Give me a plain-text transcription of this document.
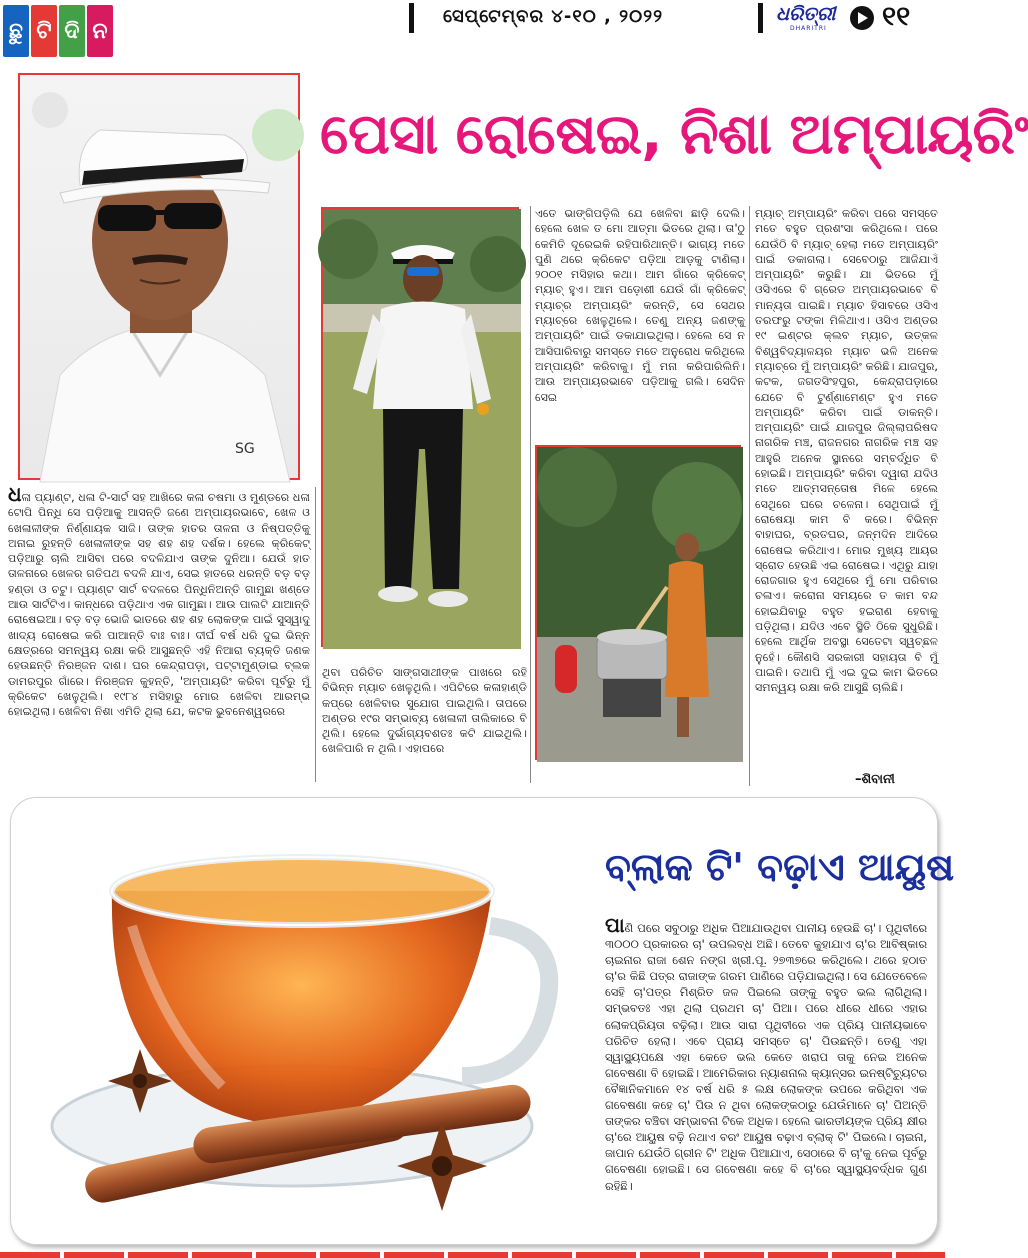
ଛୁ ଟି ଦି ନ
ସେପ୍ଟେମ୍ବର ୪-୧୦ , ୨୦୨୨	ଧରିତ୍ରୀ
DHARITRI ୧୧
ପେସା ରୋଷେଇ, ନିଶା ଅମ୍ପାୟରିଂ
SG
ଧଳା ପ୍ୟାଣ୍ଟ, ଧଳା ଟି-ସାର୍ଟ ସହ ଆଖିରେ କଳା ଚଷମା ଓ ମୁଣ୍ଡରେ ଧଳା ଟୋପି ପିନ୍ଧି ସେ ପଡ଼ିଆକୁ ଆସନ୍ତି ଜଣେ ଅମ୍ପାୟରଭାବେ, ଖେଳ ଓ ଖେଳାଳୀଙ୍କ ନିର୍ଣ୍ଣାୟକ ସାଜି। ତାଙ୍କ ହାତର ତାଳନା ଓ ନିଷ୍ପତ୍ତିକୁ ଅନାଇ ରୁହନ୍ତି ଖେଳାଳୀଙ୍କ ସହ ଶହ ଶହ ଦର୍ଶକ। ହେଲେ କ୍ରିକେଟ୍ ପଡ଼ିଆରୁ ଚାଲି ଆସିବା ପରେ ବଦଳିଯାଏ ତାଙ୍କ ଦୁନିଆ। ଯେଉଁ ହାତ ତାଳନାରେ ଖେଳର ଗତିପଥ ବଦଳି ଯାଏ, ସେଇ ହାତରେ ଧରନ୍ତି ବଡ଼ ବଡ଼ ହଣ୍ଡା ଓ ଚଟୁ। ପ୍ୟାଣ୍ଟ ସାର୍ଟ ବଦଳରେ ପିନ୍ଧିନିଅନ୍ତି ଗାମୁଛା ଖଣ୍ଡେ ଆଉ ସାର୍ଟଟିଏ। କାନ୍ଧରେ ପଡ଼ିଥାଏ ଏକ ଗାମୁଛା। ଆଉ ପାଲଟି ଯାଆନ୍ତି ରୋଷେଇଆ। ବଡ଼ ବଡ଼ ଭୋଜି ଭାତରେ ଶହ ଶହ ଲୋକଙ୍କ ପାଇଁ ସୁସ୍ୱାଦୁ ଖାଦ୍ୟ ରୋଷେଇ କରି ପାଆନ୍ତି ବାଃ ବାଃ। ଦୀର୍ଘ ବର୍ଷ ଧରି ଦୁଇ ଭିନ୍ନ କ୍ଷେତ୍ରରେ ସମନ୍ୱୟ ରକ୍ଷା କରି ଆସୁଛନ୍ତି ଏହି ନିଆରା ବ୍ୟକ୍ତି ଜଣକ ହେଉଛନ୍ତି ନିରଞ୍ଜନ ଦାଶ। ଘର କେନ୍ଦ୍ରାପଡ଼ା, ପଟ୍ଟାମୁଣ୍ଡାଇ ବ୍ଲକ ଡାମରପୁର ଗାଁରେ। ନିରଞ୍ଜନ କୁହନ୍ତି, 'ଅମ୍ପାୟରିଂ କରିବା ପୂର୍ବରୁ ମୁଁ କ୍ରିକେଟ ଖେଳୁଥିଲି। ୧୯୮୪ ମସିହାରୁ ମୋର ଖେଳିବା ଆରମ୍ଭ ହୋଇଥିଲା। ଖେଳିବା ନିଶା ଏମିତି ଥିଲା ଯେ, କଟକ ଭୁବନେଶ୍ୱରରେ
ଥିବା ପରିଚିତ ସାଙ୍ଗସାଥୀଙ୍କ ପାଖରେ ରହି ବିଭିନ୍ନ ମ୍ୟାଚ ଖେଳୁଥିଲି। ଏପିଟିରେ କଳାହାଣ୍ଡି କପ୍‌ରେ ଖେଳିବାର ସୁଯୋଗ ପାଇଥିଲି। ତାପରେ ଅଣ୍ଡର ୧୯ର ସମ୍ଭାବ୍ୟ ଖେଳାଳୀ ତାଲିକାରେ ବି ଥିଲି। ହେଲେ ଦୁର୍ଭାଗ୍ୟବଶତଃ କଟି ଯାଇଥିଲି। ଖେଳିପାରି ନ ଥିଲି। ଏହାପରେ
ଏତେ ଭାଙ୍ଗିପଡ଼ିଲି ଯେ ଖେଳିବା ଛାଡ଼ି ଦେଲି। ହେଲେ ଖେଳ ତ ମୋ ଆତ୍ମା ଭିତରେ ଥିଲା। ତା'ଠୁ କେମିତି ଦୂରେଇକି ରହିପାରିଥାନ୍ତି। ଭାଗ୍ୟ ମତେ ପୁଣି ଥରେ କ୍ରିକେଟ ପଡ଼ିଆ ଆଡ଼କୁ ଟାଣିଲା। ୨୦୦୧ ମସିହାର କଥା। ଆମ ଗାଁରେ କ୍ରିକେଟ୍ ମ୍ୟାଚ୍ ହୁଏ। ଆମ ପଡ଼ୋଶୀ ଯେଉଁ ଗାଁ କ୍ରିକେଟ୍ ମ୍ୟାଚ୍ର ଅମ୍ପାୟରିଂ କରନ୍ତି, ସେ ସେଥର ମ୍ୟାଚ୍‌ରେ ଖେଳୁଥିଲେ। ତେଣୁ ଅନ୍ୟ ଜଣଙ୍କୁ ଅମ୍ପାୟରିଂ ପାଇଁ ଡକାଯାଇଥିଲା। ହେଲେ ସେ ନ ଆସିପାରିବାରୁ ସମସ୍ତେ ମତେ ଅନୁରୋଧ କରିଥିଲେ ଅମ୍ପାୟରିଂ କରିବାକୁ। ମୁଁ ମନା କରିପାରିଲିନି। ଆଉ ଅମ୍ପାୟରଭାବେ ପଡ଼ିଆକୁ ଗଲି। ସେଦିନ ସେଇ
ମ୍ୟାଚ୍ ଅମ୍ପାୟରିଂ କରିବା ପରେ ସମସ୍ତେ ମତେ ବହୁତ ପ୍ରଶଂସା କରିଥିଲେ। ପରେ ଯେଉଁଠି ବି ମ୍ୟାଚ୍ ହେଲା ମତେ ଅମ୍ପାୟରିଂ ପାଇଁ ଡକାଗଲା। ସେବେଠାରୁ ଆଜିଯାଏଁ ଅମ୍ପାୟରିଂ କରୁଛି। ଯା ଭିତରେ ମୁଁ ଓସିଏରେ ବି ଗ୍ରେଡ ଅମ୍ପାୟରଭାବେ ବି ମାନ୍ୟତା ପାଇଛି। ମ୍ୟାଚ ହିସାବରେ ଓସିଏ ତରଫରୁ ଟଙ୍କା ମିଳିଥାଏ। ଓସିଏ ଅଣ୍ଡର ୧୯ ଇଣ୍ଟର କ୍ଲବ ମ୍ୟାଚ, ଉତ୍କଳ ବିଶ୍ୱବିଦ୍ୟାଳୟର ମ୍ୟାଚ ଭଳି ଅନେକ ମ୍ୟାଚ୍‌ରେ ମୁଁ ଅମ୍ପାୟରିଂ କରିଛି। ଯାଜପୁର, କଟକ, ଜଗତସିଂହପୁର, କେନ୍ଦ୍ରାପଡ଼ାରେ ଯେତେ ବି ଟୁର୍ଣ୍ଣାମେଣ୍ଟ ହୁଏ ମତେ ଅମ୍ପାୟରିଂ କରିବା ପାଇଁ ଡାକନ୍ତି। ଅମ୍ପାୟରିଂ ପାଇଁ ଯାଜପୁର ଜିଲ୍ଲାପରିଷଦ ନାଗରିକ ମଞ୍ଚ, ରାଜନଗର ନାଗରିକ ମଞ୍ଚ ସହ ଆହୁରି ଅନେକ ସ୍ଥାନରେ ସମ୍ବର୍ଦ୍ଧିତ ବି ହୋଇଛି। ଅମ୍ପାୟରିଂ କରିବା ଦ୍ୱାରା ଯଦିଓ ମତେ ଆତ୍ମସନ୍ତୋଷ ମିଳେ ହେଲେ ସେଥିରେ ଘରେ ଚଳେନା। ସେଥିପାଇଁ ମୁଁ ରୋଷେୟା କାମ ବି କରେ। ବିଭିନ୍ନ ବାହାଘର, ବ୍ରତଘର, ଜନ୍ମଦିନ ଆଦିରେ ରୋଷେଇ କରିଥାଏ। ମୋର ମୁଖ୍ୟ ଆୟର ସ୍ରୋତ ହେଉଛି ଏଇ ରୋଷେଇ। ଏଥିରୁ ଯାହା ରୋଜଗାର ହୁଏ ସେଥିରେ ମୁଁ ମୋ ପରିବାର ଚଳାଏ। କରୋନା ସମୟରେ ତ କାମ ବନ୍ଦ ହୋଇଯିବାରୁ ବହୁତ ହଇରାଣ ହେବାକୁ ପଡ଼ିଥିଲା। ଯଦିଓ ଏବେ ସ୍ଥିତି ଠିକେ ସୁଧୁରିଛି। ହେଲେ ଆର୍ଥିକ ଅବସ୍ଥା ସେତେଟା ସ୍ୱଚ୍ଛଳ ନୁହେଁ। କୌଣସି ସରକାରୀ ସହାୟତା ବି ମୁଁ ପାଇନି। ତଥାପି ମୁଁ ଏଇ ଦୁଇ କାମ ଭିତରେ ସମନ୍ୱୟ ରକ୍ଷା କରି ଆସୁଛି ଚାଲିଛି।
–ଶିବାନୀ
ବ୍ଲାକ ଟି' ବଢ଼ାଏ ଆୟୁଷ
ପାଣି ପରେ ସବୁଠାରୁ ଅଧିକ ପିଆଯାଉଥିବା ପାନୀୟ ହେଉଛି ଚା'। ପୃଥିବୀରେ ୩୦୦୦ ପ୍ରକାରର ଚା' ଉପଲବ୍ଧ ଅଛି। ତେବେ କୁହାଯାଏ ଚା'ର ଆବିଷ୍କାର ଚାଇନାର ରାଜା ଶେନ ନଙ୍ଗ ଖ୍ରୀ.ପୂ. ୨୭୩୭ରେ କରିଥିଲେ। ଥରେ ହଠାତ ଚା'ର କିଛି ପତ୍ର ରାଜାଙ୍କ ଗରମ ପାଣିରେ ପଡ଼ିଯାଇଥିଲା। ସେ ଯେତେବେଳେ ସେହି ଚା'ପତ୍ର ମିଶ୍ରିତ ଜଳ ପିଇଲେ ତାଙ୍କୁ ବହୁତ ଭଲ ଲାଗିଥିଲା। ସମ୍ଭବତଃ ଏହା ଥିଲା ପ୍ରଥମ ଚା' ପିଆ। ପରେ ଧୀରେ ଧୀରେ ଏହାର ଲୋକପ୍ରିୟତା ବଢ଼ିଲା। ଆଉ ସାରା ପୃଥିବୀରେ ଏକ ପ୍ରିୟ ପାନୀୟଭାବେ ପରିଚିତ ହେଲା। ଏବେ ପ୍ରାୟ ସମସ୍ତେ ଚା' ପିଉଛନ୍ତି। ତେଣୁ ଏହା ସ୍ୱାସ୍ଥ୍ୟପକ୍ଷେ ଏହା କେତେ ଭଲ କେତେ ଖରାପ ତାକୁ ନେଇ ଅନେକ ଗବେଷଣା ବି ହୋଇଛି। ଆମେରିକାର ନ୍ୟାଶନାଲ କ୍ୟାନ୍ସର ଇନଷ୍ଟିଚ୍ୟୁଟର ବୈଜ୍ଞାନିକମାନେ ୧୪ ବର୍ଷ ଧରି ୫ ଲକ୍ଷ ଲୋକଙ୍କ ଉପରେ କରିଥିବା ଏକ ଗବେଷଣା କହେ ଚା' ପିଉ ନ ଥିବା ଲୋକଙ୍କଠାରୁ ଯେଉଁମାନେ ଚା' ପିଅନ୍ତି ତାଙ୍କର ବଞ୍ଚିବା ସମ୍ଭାବନା ଟିକେ ଅଧିକ। ହେଲେ ଭାରତୀୟଙ୍କ ପ୍ରିୟ କ୍ଷୀର ଚା'ରେ ଆୟୁଷ ବଢ଼ି ନଥାଏ ବରଂ ଆୟୁଷ ବଢ଼ାଏ ବ୍ଲାକ୍ ଟି' ପିଇଲେ। ଚାଇନା, ଜାପାନ ଯେଉଁଠି ଗ୍ରୀନ ଟି' ଅଧିକ ପିଆଯାଏ, ସେଠାରେ ବି ଚା'କୁ ନେଇ ପୂର୍ବରୁ ଗବେଷଣା ହୋଇଛି। ସେ ଗବେଷଣା କହେ ବି ଚା'ରେ ସ୍ୱାସ୍ଥ୍ୟବର୍ଦ୍ଧକ ଗୁଣ ରହିଛି।
